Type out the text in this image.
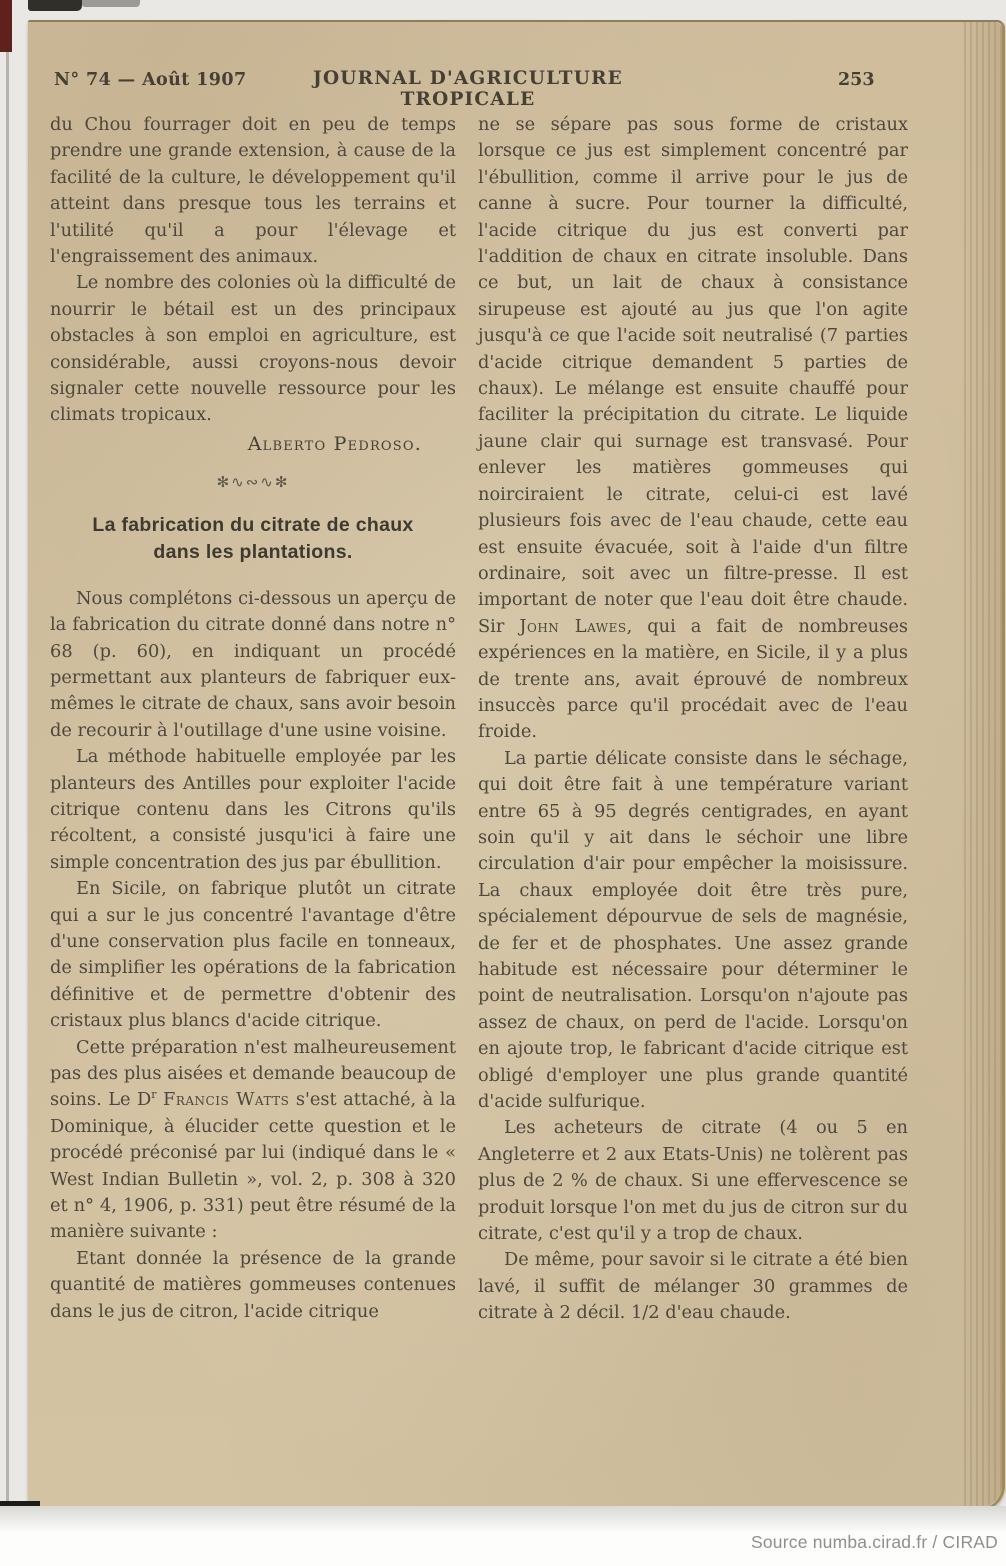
N° 74 — Août 1907	JOURNAL D'AGRICULTURE TROPICALE
253

du Chou fourrager doit en peu de temps prendre une grande extension, à cause de la facilité de la culture, le développement qu'il atteint dans presque tous les terrains et l'utilité qu'il a pour l'élevage et l'engraissement des animaux.

Le nombre des colonies où la difficulté de nourrir le bétail est un des principaux obstacles à son emploi en agriculture, est considérable, aussi croyons-nous devoir signaler cette nouvelle ressource pour les climats tropicaux.

Alberto Pedroso.
✻∿∾∿✻
La fabrication du citrate de chaux dans les plantations.

Nous complétons ci-dessous un aperçu de la fabrication du citrate donné dans notre n° 68 (p. 60), en indiquant un procédé permettant aux planteurs de fabriquer eux-mêmes le citrate de chaux, sans avoir besoin de recourir à l'outillage d'une usine voisine.

La méthode habituelle employée par les planteurs des Antilles pour exploiter l'acide citrique contenu dans les Citrons qu'ils récoltent, a consisté jusqu'ici à faire une simple concentration des jus par ébullition.

En Sicile, on fabrique plutôt un citrate qui a sur le jus concentré l'avantage d'être d'une conservation plus facile en tonneaux, de simplifier les opérations de la fabrication définitive et de permettre d'obtenir des cristaux plus blancs d'acide citrique.

Cette préparation n'est malheureusement pas des plus aisées et demande beaucoup de soins. Le $D^r$ Francis Watts s'est attaché, à la Dominique, à élucider cette question et le procédé préconisé par lui (indiqué dans le « West Indian Bulletin », vol. 2, p. 308 à 320 et n° 4, 1906, p. 331) peut être résumé de la manière suivante :

Etant donnée la présence de la grande quantité de matières gommeuses contenues dans le jus de citron, l'acide citrique

ne se sépare pas sous forme de cristaux lorsque ce jus est simplement concentré par l'ébullition, comme il arrive pour le jus de canne à sucre. Pour tourner la difficulté, l'acide citrique du jus est converti par l'addition de chaux en citrate insoluble. Dans ce but, un lait de chaux à consistance sirupeuse est ajouté au jus que l'on agite jusqu'à ce que l'acide soit neutralisé (7 parties d'acide citrique demandent 5 parties de chaux). Le mélange est ensuite chauffé pour faciliter la précipitation du citrate. Le liquide jaune clair qui surnage est transvasé. Pour enlever les matières gommeuses qui noirciraient le citrate, celui-ci est lavé plusieurs fois avec de l'eau chaude, cette eau est ensuite évacuée, soit à l'aide d'un filtre ordinaire, soit avec un filtre-presse. Il est important de noter que l'eau doit être chaude. Sir John Lawes, qui a fait de nombreuses expériences en la matière, en Sicile, il y a plus de trente ans, avait éprouvé de nombreux insuccès parce qu'il procédait avec de l'eau froide.

La partie délicate consiste dans le séchage, qui doit être fait à une température variant entre 65 à 95 degrés centigrades, en ayant soin qu'il y ait dans le séchoir une libre circulation d'air pour empêcher la moisissure. La chaux employée doit être très pure, spécialement dépourvue de sels de magnésie, de fer et de phosphates. Une assez grande habitude est nécessaire pour déterminer le point de neutralisation. Lorsqu'on n'ajoute pas assez de chaux, on perd de l'acide. Lorsqu'on en ajoute trop, le fabricant d'acide citrique est obligé d'employer une plus grande quantité d'acide sulfurique.

Les acheteurs de citrate (4 ou 5 en Angleterre et 2 aux Etats-Unis) ne tolèrent pas plus de 2 % de chaux. Si une effervescence se produit lorsque l'on met du jus de citron sur du citrate, c'est qu'il y a trop de chaux.

De même, pour savoir si le citrate a été bien lavé, il suffit de mélanger 30 grammes de citrate à 2 décil. 1/2 d'eau chaude.

Source numba.cirad.fr / CIRAD
